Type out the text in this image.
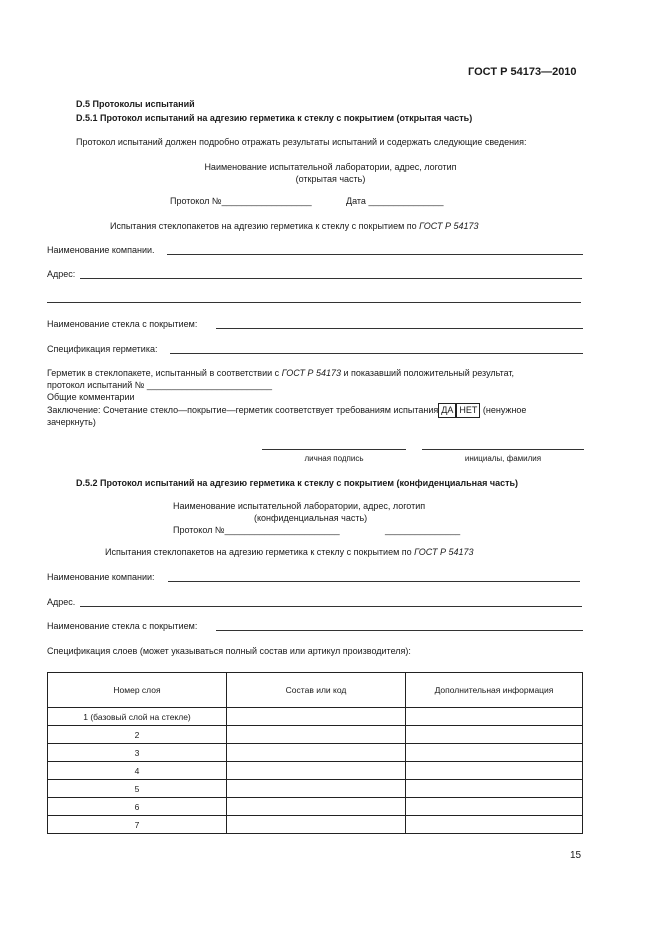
ГОСТ Р 54173—2010
D.5 Протоколы испытаний
D.5.1 Протокол испытаний на адгезию герметика к стеклу с покрытием (открытая часть)
Протокол испытаний должен подробно отражать результаты испытаний и содержать следующие сведения:
Наименование испытательной лаборатории, адрес, логотип
(открытая часть)
Протокол №__________________	Дата _______________
Испытания стеклопакетов на адгезию герметика к стеклу с покрытием по ГОСТ Р 54173
Наименование компании.
Адрес:
Наименование стекла с покрытием:
Спецификация герметика:
Герметик в стеклопакете, испытанный в соответствии с ГОСТ Р 54173 и показавший положительный результат,
протокол испытаний № _________________________
Общие комментарии
Заключение: Сочетание стекло—покрытие—герметик соответствует требованиям испытания ДА НЕТ (ненужное
зачеркнуть)
личная подпись	инициалы, фамилия
D.5.2 Протокол испытаний на адгезию герметика к стеклу с покрытием (конфиденциальная часть)
Наименование испытательной лаборатории, адрес, логотип
Протокол №_______________________	_______________
(конфиденциальная часть)
Испытания стеклопакетов на адгезию герметика к стеклу с покрытием по ГОСТ Р 54173
Наименование компании:
Адрес.
Наименование стекла с покрытием:
Спецификация слоев (может указываться полный состав или артикул производителя):
Номер слоя	Состав или код	Дополнительная информация
1 (базовый слой на стекле)		
2		
3		
4		
5		
6		
7		
15
